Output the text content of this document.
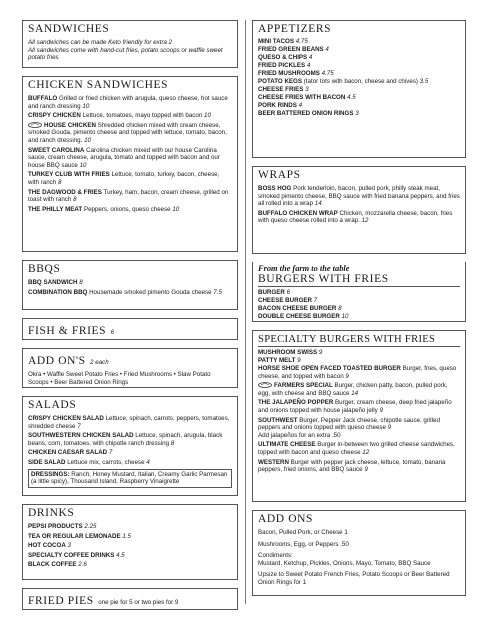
SANDWICHES
All sandwiches can be made Keto friendly for extra 2
All sandwiches come with hand-cut fries, potato scoops or waffle sweet potato fries
CHICKEN SANDWICHES
BUFFALO Grilled or fried chicken with arugula, queso cheese, hot sauce and ranch dressing 10
CRISPY CHICKEN Lettuce, tomatoes, mayo topped with bacon 10
HOUSE CHICKEN Shredded chicken mixed with cream cheese, smoked Gouda, pimento cheese and topped with lettuce, tomato, bacon, and ranch dressing. 10
SWEET CAROLINA Carolina chicken mixed with our house Carolina sauce, cream cheese, arugula, tomato and topped with bacon and our house BBQ sauce 10
TURKEY CLUB WITH FRIES Lettuce, tomato, turkey, bacon, cheese, with ranch 8
THE DAGWOOD & FRIES Turkey, ham, bacon, cream cheese, grilled on toast with ranch 8
THE PHILLY MEAT Peppers, onions, queso cheese 10
BBQS
BBQ SANDWICH 8
COMBINATION BBQ Housemade smoked pimento Gouda cheese 7.5
FISH & FRIES 6
ADD ON'S 2 each
Okra • Waffle Sweet Potato Fries • Fried Mushrooms • Slaw Potato Scoops • Beer Battered Onion Rings
SALADS
CRISPY CHICKEN SALAD Lettuce, spinach, carrots, peppers, tomatoes, shredded cheese 7
SOUTHWESTERN CHICKEN SALAD Lettuce, spinach, arugula, black beans, corn, tomatoes, with chipotle ranch dressing 8
CHICKEN CAESAR SALAD 7
SIDE SALAD Lettuce mix, carrots, cheese 4
DRESSINGS: Ranch, Honey Mustard, Italian, Creamy Garlic Parmesan (a little spicy), Thousand Island, Raspberry Vinaigrette
DRINKS
PEPSI PRODUCTS 2.25
TEA OR REGULAR LEMONADE 1.5
HOT COCOA 3
SPECIALTY COFFEE DRINKS 4.5
BLACK COFFEE 2.6
FRIED PIES one pie for 5 or two pies for 9
APPETIZERS
MINI TACOS 4.75
FRIED GREEN BEANS 4
QUESO & CHIPS 4
FRIED PICKLES 4
FRIED MUSHROOMS 4.75
POTATO KEGS (tator tots with bacon, cheese and chives) 3.5
CHEESE FRIES 3
CHEESE FRIES WITH BACON 4.5
PORK RINDS 4
BEER BATTERED ONION RINGS 3
WRAPS
BOSS HOG Pork tenderloin, bacon, pulled pork, philly steak meat, smoked pimento cheese, BBQ sauce with fried banana peppers, and fries all rolled into a wrap 14
BUFFALO CHICKEN WRAP Chicken, mozzarella cheese, bacon, fries with queso cheese rolled into a wrap. 12
From the farm to the table
BURGERS WITH FRIES
BURGER 6
CHEESE BURGER 7
BACON CHEESE BURGER 8
DOUBLE CHEESE BURGER 10
SPECIALTY BURGERS WITH FRIES
MUSHROOM SWISS 9
PATTY MELT 9
HORSE SHOE OPEN FACED TOASTED BURGER Burger, fries, queso cheese, and topped with bacon 9
FARMERS SPECIAL Burger, chicken patty, bacon, pulled pork, egg, with cheese and BBQ sauce 14
THE JALAPEÑO POPPER Burger, cream cheese, deep fried jalapeño and onions topped with house jalapeño jelly 9
SOUTHWEST Burger, Pepper Jack cheese, chipotle sauce, grilled peppers and onions topped with queso cheese 9
Add jalapeños for an extra .50
ULTIMATE CHEESE Burger in-between two grilled cheese sandwiches, topped with bacon and queso cheese 12
WESTERN Burger with pepper jack cheese, lettuce, tomato, banana peppers, fried onions, and BBQ sauce 9
ADD ONS
Bacon, Pulled Pork, or Cheese 1
Mushrooms, Egg, or Peppers .50
Condiments:
Mustard, Ketchup, Pickles, Onions, Mayo, Tomato, BBQ Sauce
Upsize to Sweet Potato French Fries, Potato Scoops or Beer Battered Onion Rings for 1
